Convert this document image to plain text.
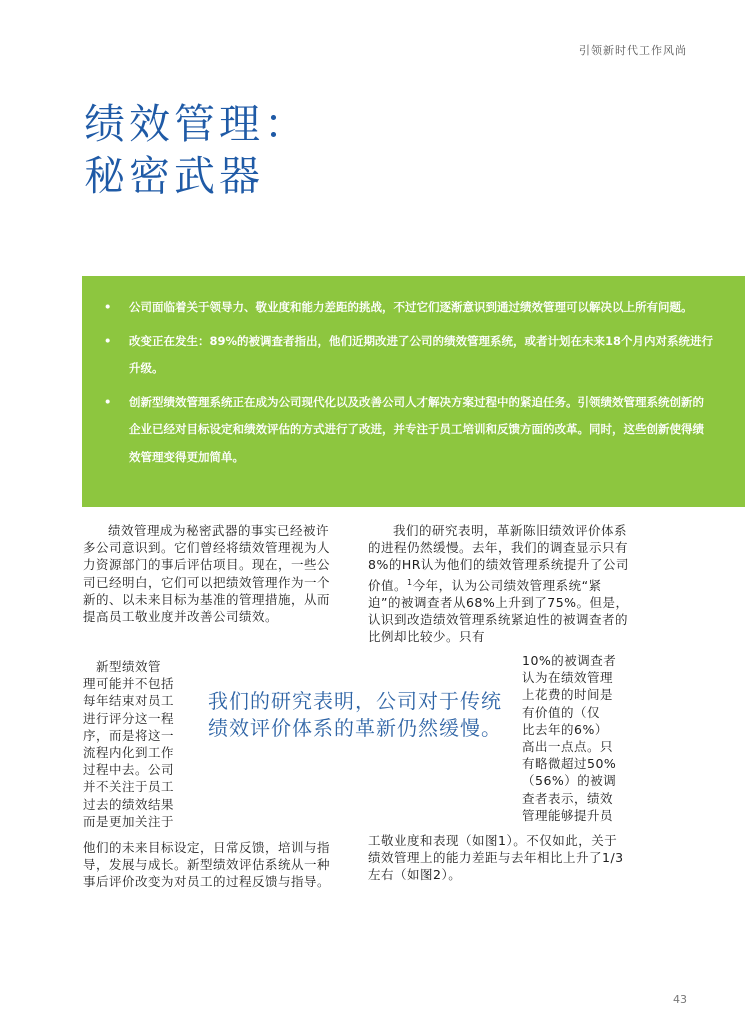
引领新时代工作风尚
绩效管理：
秘密武器
• 公司面临着关于领导力、敬业度和能力差距的挑战，不过它们逐渐意识到通过绩效管理可以解决以上所有问题。
• 改变正在发生：89%的被调查者指出，他们近期改进了公司的绩效管理系统，或者计划在未来18个月内对系统进行升级。
• 创新型绩效管理系统正在成为公司现代化以及改善公司人才解决方案过程中的紧迫任务。引领绩效管理系统创新的企业已经对目标设定和绩效评估的方式进行了改进，并专注于员工培训和反馈方面的改革。同时，这些创新使得绩效管理变得更加简单。
绩效管理成为秘密武器的事实已经被许多公司意识到。它们曾经将绩效管理视为人力资源部门的事后评估项目。现在，一些公司已经明白，它们可以把绩效管理作为一个新的、以未来目标为基准的管理措施，从而提高员工敬业度并改善公司绩效。

　新型绩效管

理可能并不包括

每年结束对员工

进行评分这一程

序，而是将这一

流程内化到工作

过程中去。公司

并不关注于员工

过去的绩效结果

而是更加关注于

他们的未来目标设定，日常反馈，培训与指导，发展与成长。新型绩效评估系统从一种事后评价改变为对员工的过程反馈与指导。
我们的研究表明，革新陈旧绩效评价体系的进程仍然缓慢。去年，我们的调查显示只有8%的HR认为他们的绩效管理系统提升了公司价值。$^1$今年，认为公司绩效管理系统“紧迫”的被调查者从68%上升到了75%。但是，认识到改造绩效管理系统紧迫性的被调查者的比例却比较少。只有

10%的被调查者

认为在绩效管理

上花费的时间是

有价值的（仅

比去年的6%）

高出一点点。只

有略微超过50%

（56%）的被调

查者表示，绩效

管理能够提升员

工敬业度和表现（如图1）。不仅如此，关于绩效管理上的能力差距与去年相比上升了1/3左右（如图2）。
我们的研究表明，公司对于传统绩效评价体系的革新仍然缓慢。
43
